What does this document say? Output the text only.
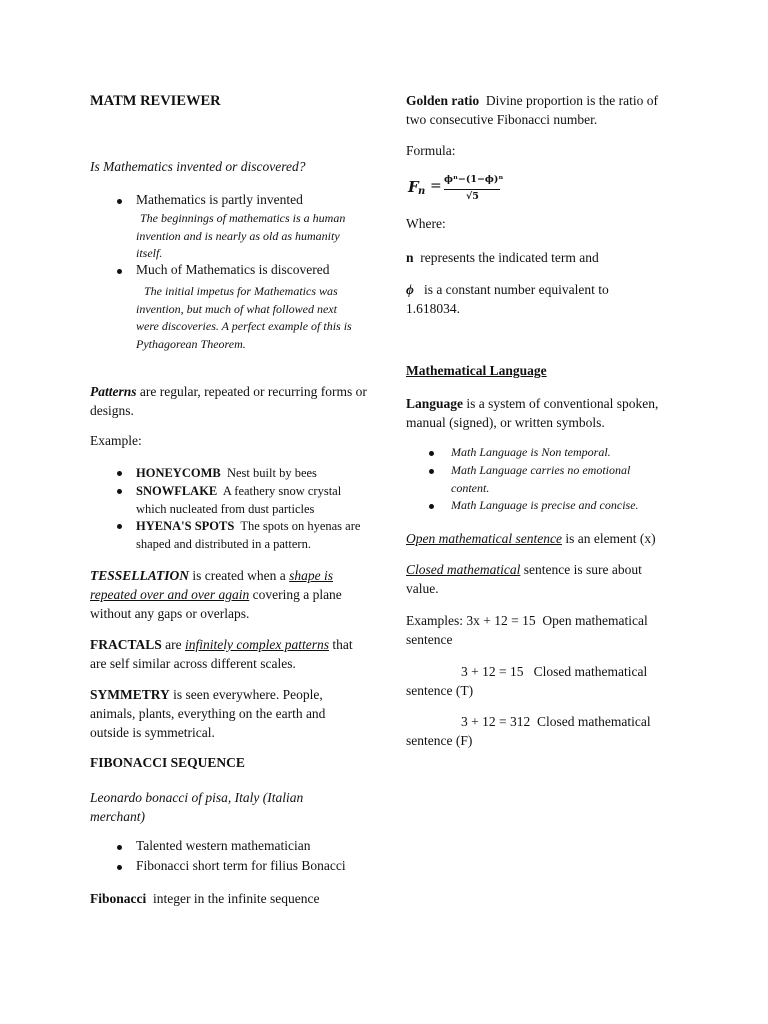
MATM REVIEWER
Is Mathematics invented or discovered?
Mathematics is partly invented
The beginnings of mathematics is a human invention and is nearly as old as humanity itself.
Much of Mathematics is discovered
The initial impetus for Mathematics was invention, but much of what followed next were discoveries. A perfect example of this is Pythagorean Theorem.

Patterns are regular, repeated or recurring forms or designs.

Example:

HONEYCOMB Nest built by bees

SNOWFLAKE A feathery snow crystal which nucleated from dust particles

HYENA'S SPOTS The spots on hyenas are shaped and distributed in a pattern.

TESSELLATION is created when a shape is repeated over and over again covering a plane without any gaps or overlaps.

FRACTALS are infinitely complex patterns that are self similar across different scales.

SYMMETRY is seen everywhere. People, animals, plants, everything on the earth and outside is symmetrical.

FIBONACCI SEQUENCE

Leonardo bonacci of pisa, Italy (Italian merchant)

Talented western mathematician
Fibonacci short term for filius Bonacci

Fibonacci  integer in the infinite sequence

Golden ratio  Divine proportion is the ratio of two consecutive Fibonacci number.

Formula:
F n = ϕⁿ−(1−ϕ)ⁿ
√5
Where:

n  represents the indicated term and

ϕ   is a constant number equivalent to 1.618034.

Mathematical Language

Language is a system of conventional spoken, manual (signed), or written symbols.

Math Language is Non temporal.
Math Language carries no emotional content.
Math Language is precise and concise.

Open mathematical sentence is an element (x)

Closed mathematical sentence is sure about value.

Examples: 3x + 12 = 15  Open mathematical sentence

3 + 12 = 15   Closed mathematical sentence (T)

3 + 12 = 312  Closed mathematical sentence (F)
